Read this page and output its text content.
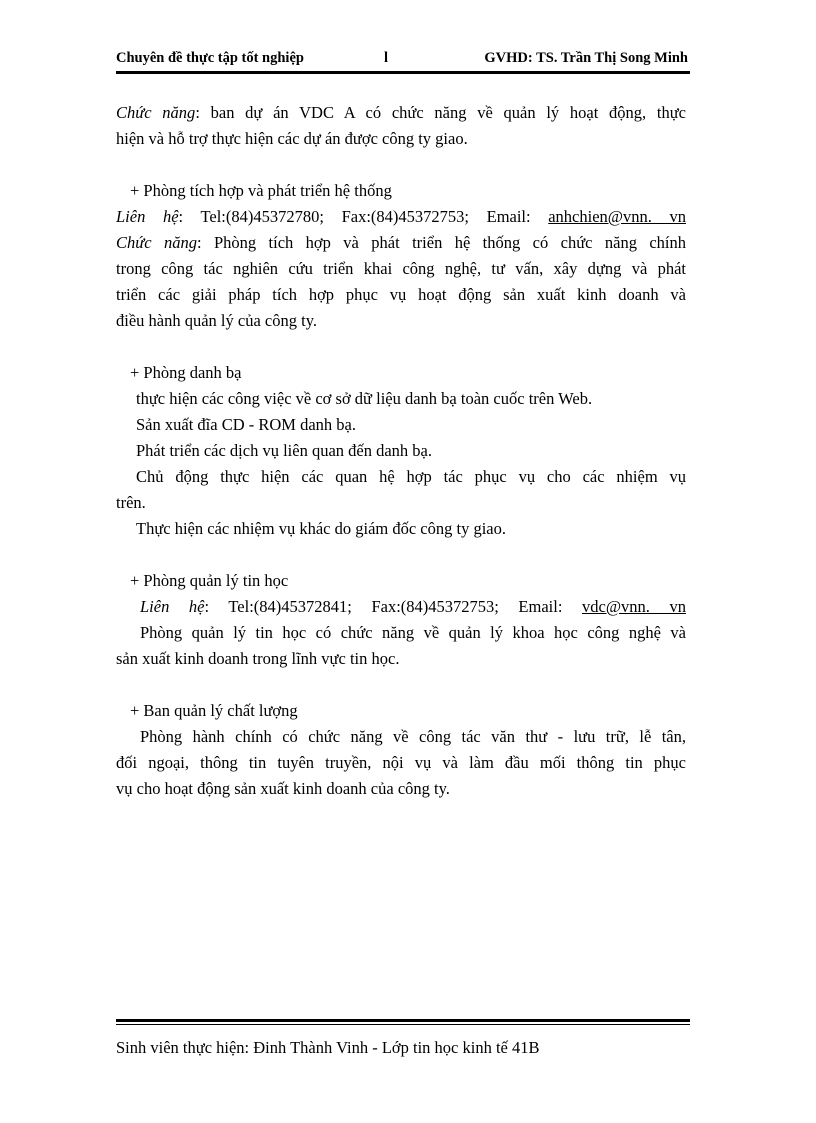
Chuyên đề thực tập tốt nghiệp	l	GVHD: TS. Trần Thị Song Minh

Chức năng: ban dự án VDC A có chức năng về quản lý hoạt động, thực

hiện và hỗ trợ thực hiện các dự án được công ty giao.

+ Phòng tích hợp và phát triển hệ thống

Liên hệ: Tel:(84)45372780; Fax:(84)45372753; Email: anhchien@vnn. vn

Chức năng: Phòng tích hợp và phát triển hệ thống có chức năng chính

trong công tác nghiên cứu triển khai công nghệ, tư vấn, xây dựng và phát

triển các giải pháp tích hợp phục vụ hoạt động sản xuất kinh doanh và

điều hành quản lý của công ty.

+ Phòng danh bạ

thực hiện các công việc về cơ sở dữ liệu danh bạ toàn cuốc trên Web.

Sản xuất đĩa CD - ROM danh bạ.

Phát triển các dịch vụ liên quan đến danh bạ.

Chủ động thực hiện các quan hệ hợp tác phục vụ cho các nhiệm vụ

trên.

Thực hiện các nhiệm vụ khác do giám đốc công ty giao.

+ Phòng quản lý tin học

Liên hệ: Tel:(84)45372841; Fax:(84)45372753; Email: vdc@vnn. vn

Phòng quản lý tin học có chức năng về quản lý khoa học công nghệ và

sản xuất kinh doanh trong lĩnh vực tin học.

+ Ban quản lý chất lượng

Phòng hành chính có chức năng về công tác văn thư - lưu trữ, lễ tân,

đối ngoại, thông tin tuyên truyền, nội vụ và làm đầu mối thông tin phục

vụ cho hoạt động sản xuất kinh doanh của công ty.

Sinh viên thực hiện: Đinh Thành Vinh - Lớp tin học kinh tế 41B
